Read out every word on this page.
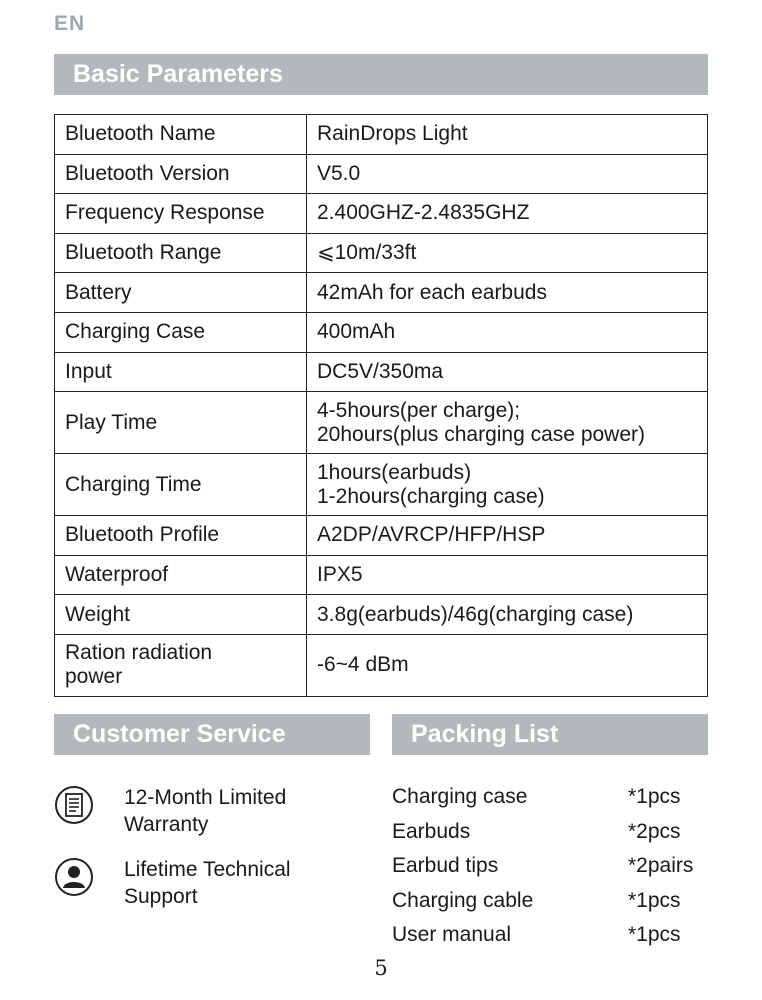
EN
Basic Parameters
Bluetooth Name	RainDrops Light
Bluetooth Version	V5.0
Frequency Response	2.400GHZ-2.4835GHZ
Bluetooth Range	⩽10m/33ft
Battery	42mAh for each earbuds
Charging Case	400mAh
Input	DC5V/350ma
Play Time	4-5hours(per charge);
20hours(plus charging case power)
Charging Time	1hours(earbuds)
1-2hours(charging case)
Bluetooth Profile	A2DP/AVRCP/HFP/HSP
Waterproof	IPX5
Weight	3.8g(earbuds)/46g(charging case)
Ration radiation
power	-6~4 dBm
Customer Service	Packing List
12-Month Limited
Warranty
Lifetime Technical
Support
Charging case	*1pcs
Earbuds	*2pcs
Earbud tips	*2pairs
Charging cable	*1pcs
User manual	*1pcs
5
